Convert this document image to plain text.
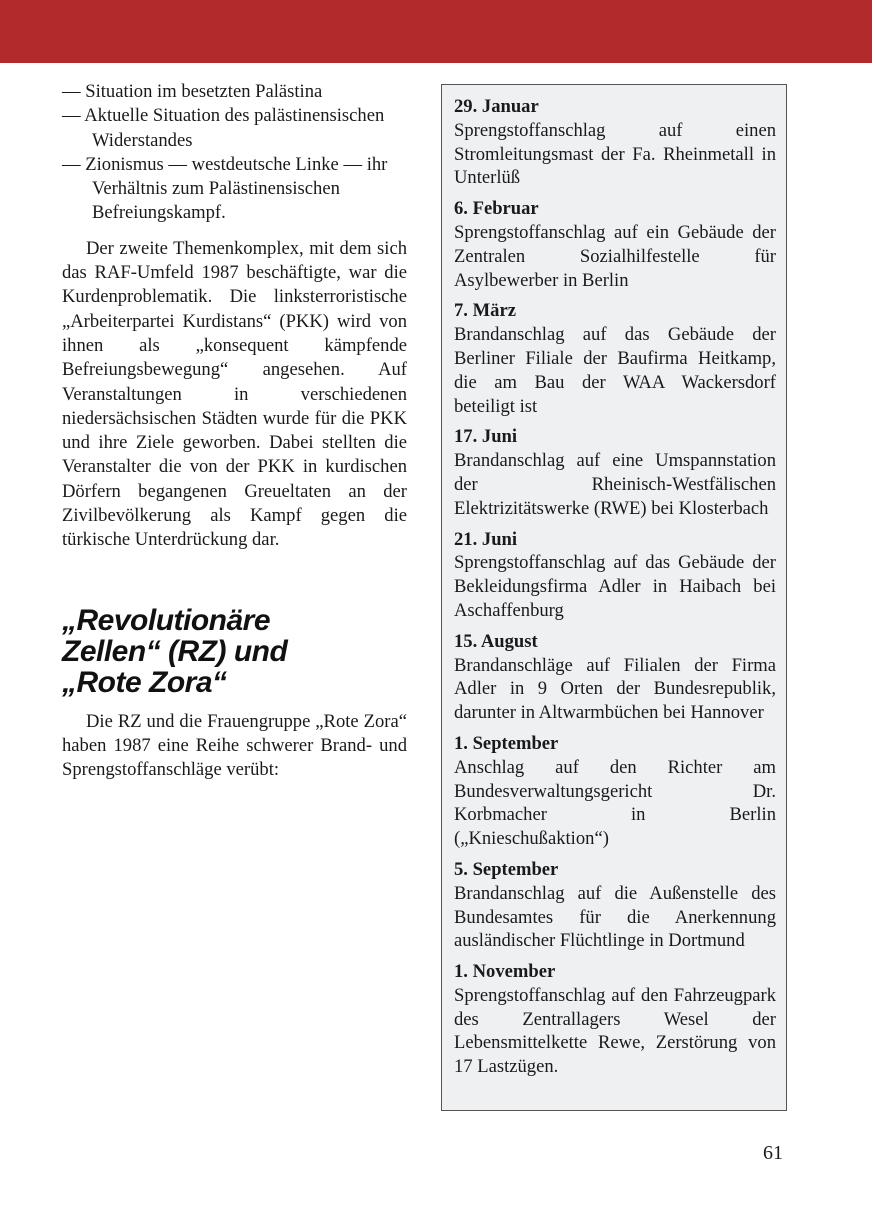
— Situation im besetzten Palästina
— Aktuelle Situation des palästinensischen Widerstandes
— Zionismus — westdeutsche Linke — ihr Verhältnis zum Palästinensischen Befreiungskampf.

Der zweite Themenkomplex, mit dem sich das RAF-Umfeld 1987 beschäftigte, war die Kurdenproblematik. Die linksterroristische „Arbeiterpartei Kurdistans“ (PKK) wird von ihnen als „konsequent kämpfende Befreiungsbewegung“ angesehen. Auf Veranstaltungen in verschiedenen niedersächsischen Städten wurde für die PKK und ihre Ziele geworben. Dabei stellten die Veranstalter die von der PKK in kurdischen Dörfern begangenen Greueltaten an der Zivilbevölkerung als Kampf gegen die türkische Unterdrückung dar.

„Revolutionäre
Zellen“ (RZ) und
„Rote Zora“

Die RZ und die Frauengruppe „Rote Zora“ haben 1987 eine Reihe schwerer Brand- und Sprengstoffanschläge verübt:

29. Januar
Sprengstoffanschlag auf einen Stromleitungsmast der Fa. Rheinmetall in Unterlüß
6. Februar
Sprengstoffanschlag auf ein Gebäude der Zentralen Sozialhilfestelle für Asylbewerber in Berlin
7. März
Brandanschlag auf das Gebäude der Berliner Filiale der Baufirma Heitkamp, die am Bau der WAA Wackersdorf beteiligt ist
17. Juni
Brandanschlag auf eine Umspannstation der Rheinisch-Westfälischen Elektrizitätswerke (RWE) bei Klosterbach
21. Juni
Sprengstoffanschlag auf das Gebäude der Bekleidungsfirma Adler in Haibach bei Aschaffenburg
15. August
Brandanschläge auf Filialen der Firma Adler in 9 Orten der Bundesrepublik, darunter in Altwarmbüchen bei Hannover
1. September
Anschlag auf den Richter am Bundesverwaltungsgericht Dr. Korbmacher in Berlin („Knieschußaktion“)
5. September
Brandanschlag auf die Außenstelle des Bundesamtes für die Anerkennung ausländischer Flüchtlinge in Dortmund
1. November
Sprengstoffanschlag auf den Fahrzeugpark des Zentrallagers Wesel der Lebensmittelkette Rewe, Zerstörung von 17 Lastzügen.
61
